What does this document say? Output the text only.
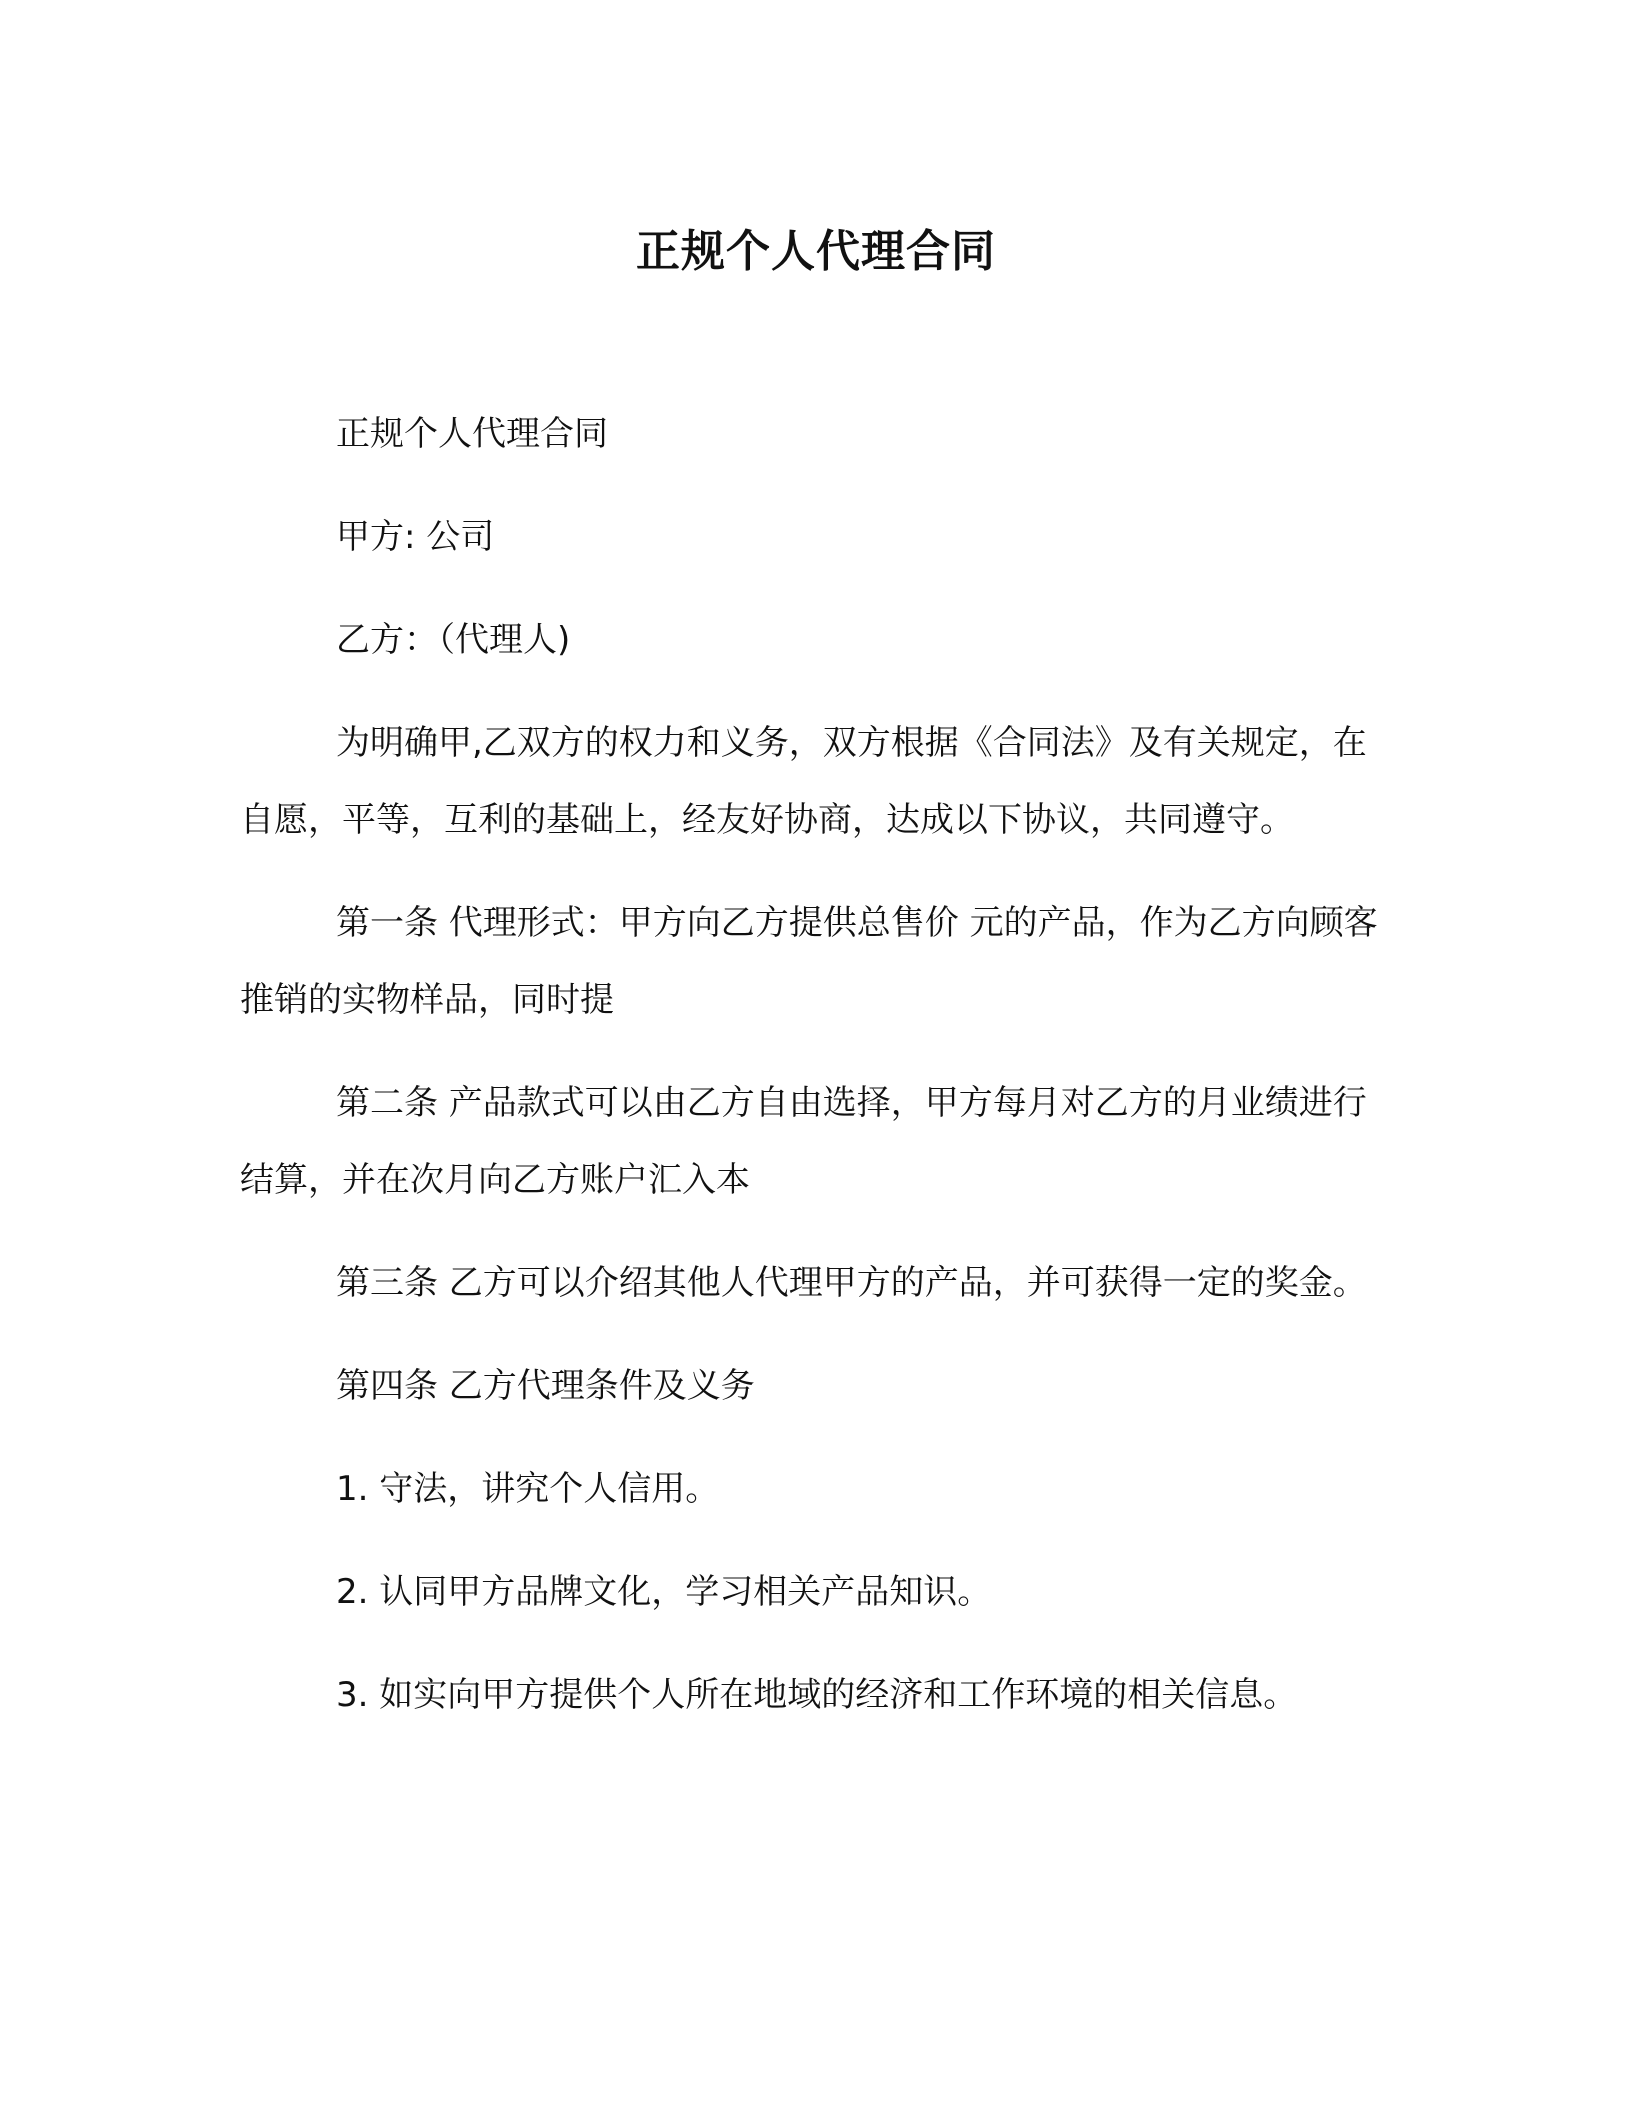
正规个人代理合同

正规个人代理合同

甲方: 公司

乙方：（代理人)

为明确甲,乙双方的权力和义务，双方根据《合同法》及有关规定，在自愿，平等，互利的基础上，经友好协商，达成以下协议，共同遵守。

第一条 代理形式：甲方向乙方提供总售价 元的产品，作为乙方向顾客推销的实物样品，同时提

第二条 产品款式可以由乙方自由选择，甲方每月对乙方的月业绩进行结算，并在次月向乙方账户汇入本

第三条 乙方可以介绍其他人代理甲方的产品，并可获得一定的奖金。

第四条 乙方代理条件及义务

1. 守法，讲究个人信用。

2. 认同甲方品牌文化，学习相关产品知识。

3. 如实向甲方提供个人所在地域的经济和工作环境的相关信息。
